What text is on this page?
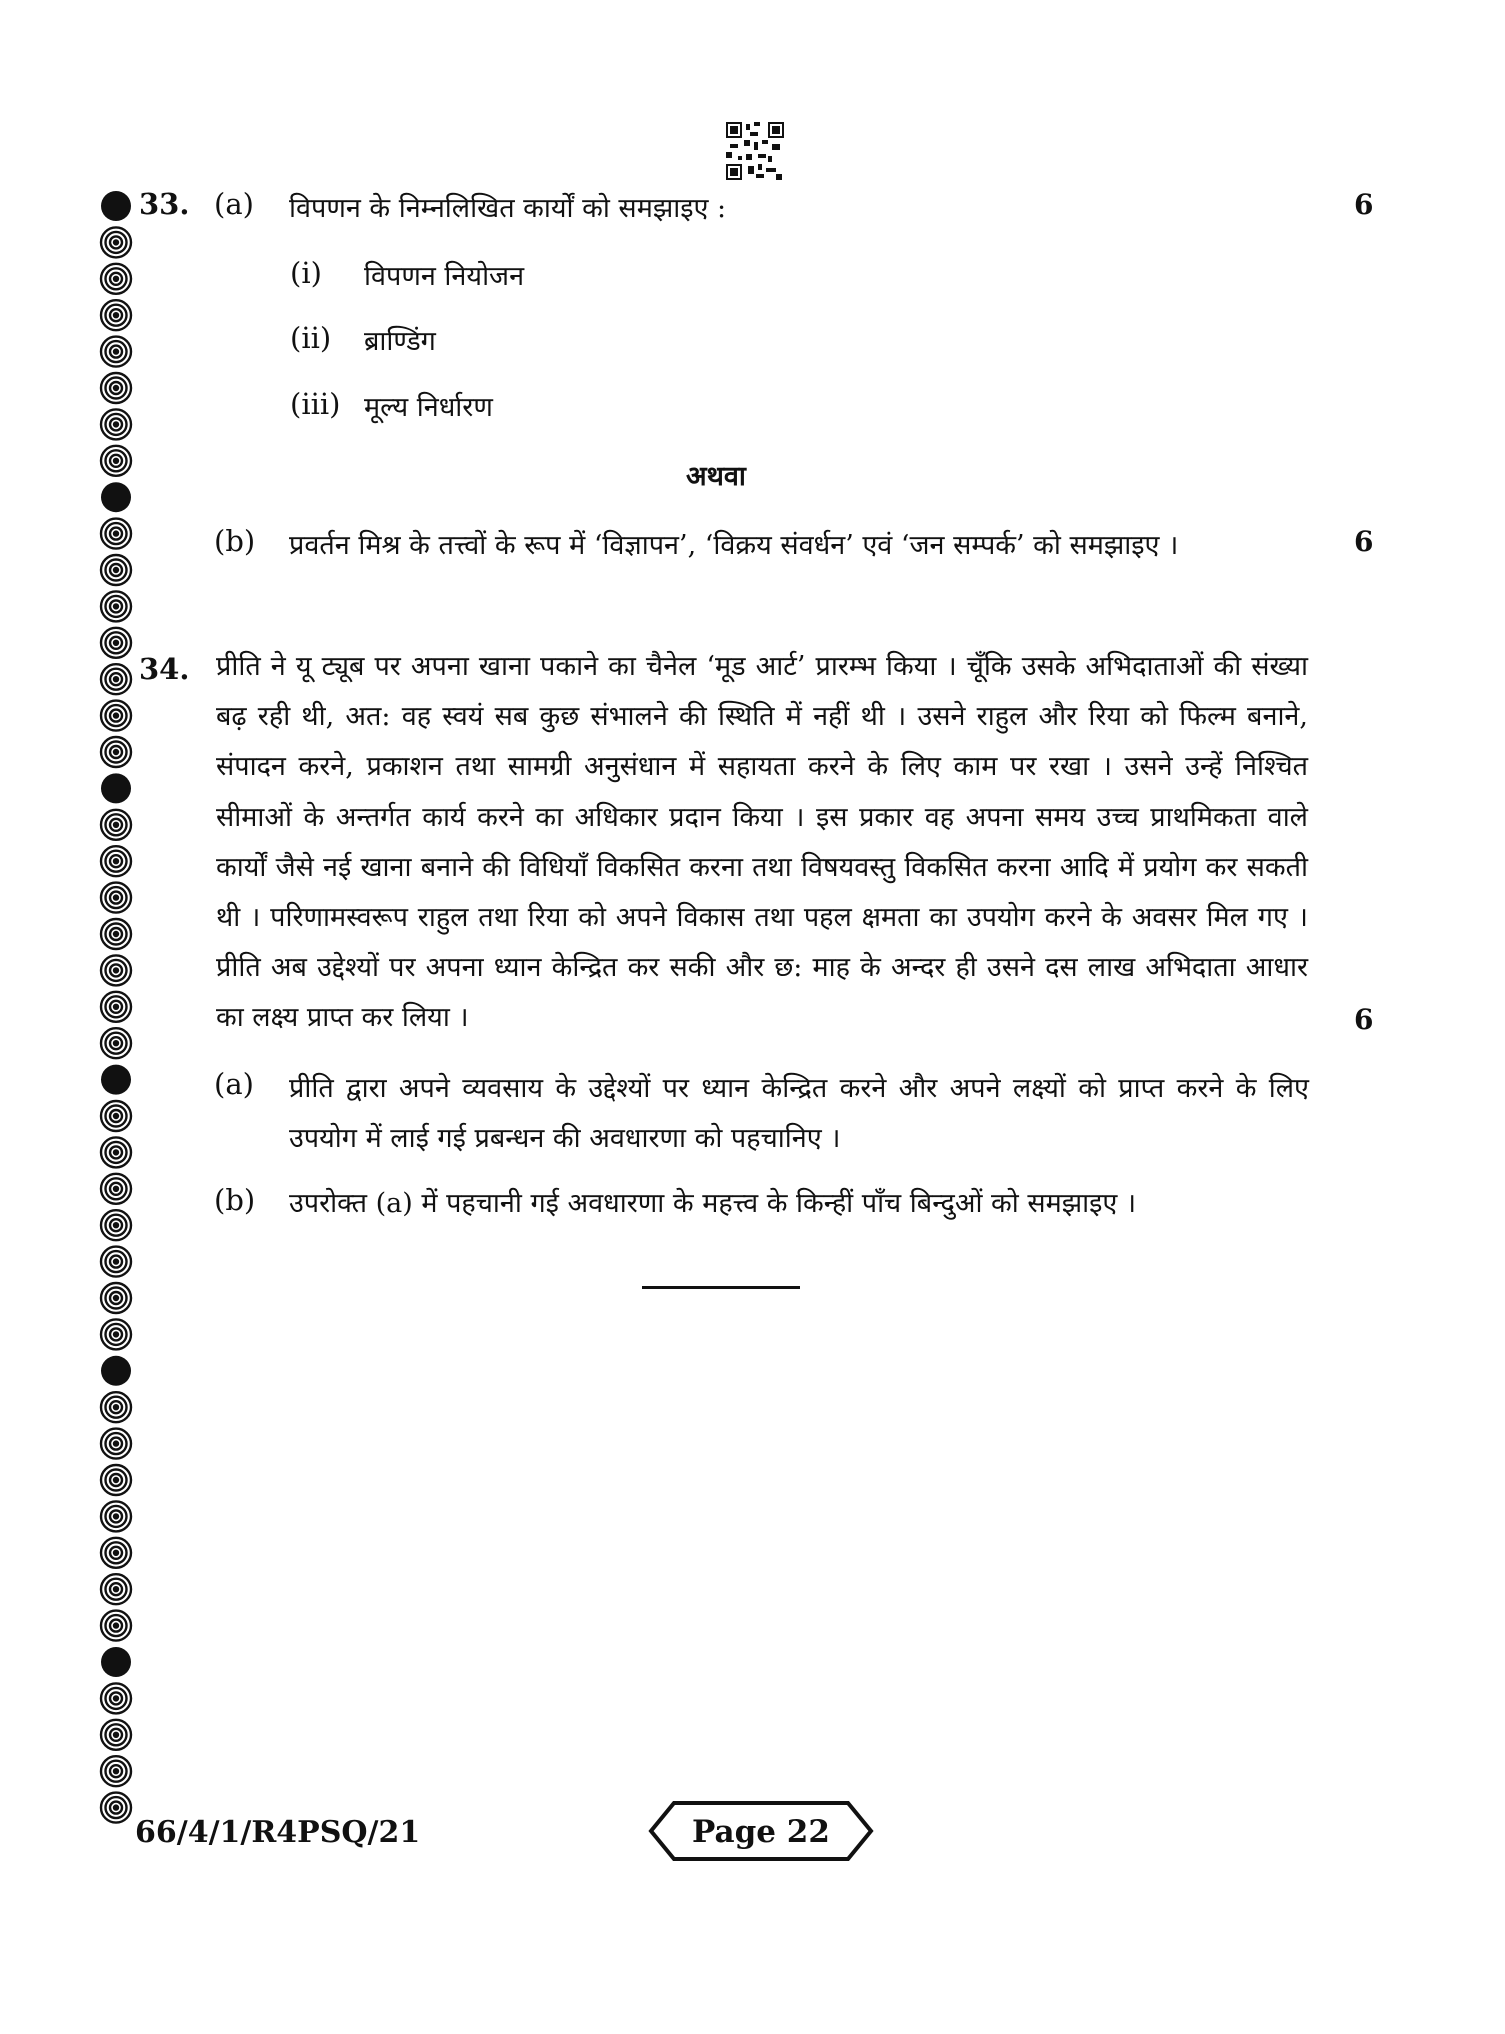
33. (a) विपणन के निम्नलिखित कार्यों को समझाइए :	6
(i) विपणन नियोजन
(ii) ब्राण्डिंग
(iii) मूल्य निर्धारण
अथवा
(b) प्रवर्तन मिश्र के तत्त्वों के रूप में ‘विज्ञापन’, ‘विक्रय संवर्धन’ एवं ‘जन सम्पर्क’ को समझाइए ।	6
34. प्रीति ने यू ट्यूब पर अपना खाना पकाने का चैनेल ‘मूड आर्ट’ प्रारम्भ किया । चूँकि उसके अभिदाताओं की संख्या बढ़ रही थी, अत: वह स्वयं सब कुछ संभालने की स्थिति में नहीं थी । उसने राहुल और रिया को फिल्म बनाने, संपादन करने, प्रकाशन तथा सामग्री अनुसंधान में सहायता करने के लिए काम पर रखा । उसने उन्हें निश्चित सीमाओं के अन्तर्गत कार्य करने का अधिकार प्रदान किया । इस प्रकार वह अपना समय उच्च प्राथमिकता वाले कार्यों जैसे नई खाना बनाने की विधियाँ विकसित करना तथा विषयवस्तु विकसित करना आदि में प्रयोग कर सकती थी । परिणामस्वरूप राहुल तथा रिया को अपने विकास तथा पहल क्षमता का उपयोग करने के अवसर मिल गए । प्रीति अब उद्देश्यों पर अपना ध्यान केन्द्रित कर सकी और छ: माह के अन्दर ही उसने दस लाख अभिदाता आधार का लक्ष्य प्राप्त कर लिया ।	6
(a) प्रीति द्वारा अपने व्यवसाय के उद्देश्यों पर ध्यान केन्द्रित करने और अपने लक्ष्यों को प्राप्त करने के लिए उपयोग में लाई गई प्रबन्धन की अवधारणा को पहचानिए ।

(b) उपरोक्त (a) में पहचानी गई अवधारणा के महत्त्व के किन्हीं पाँच बिन्दुओं को समझाइए ।
66/4/1/R4PSQ/21	Page 22
